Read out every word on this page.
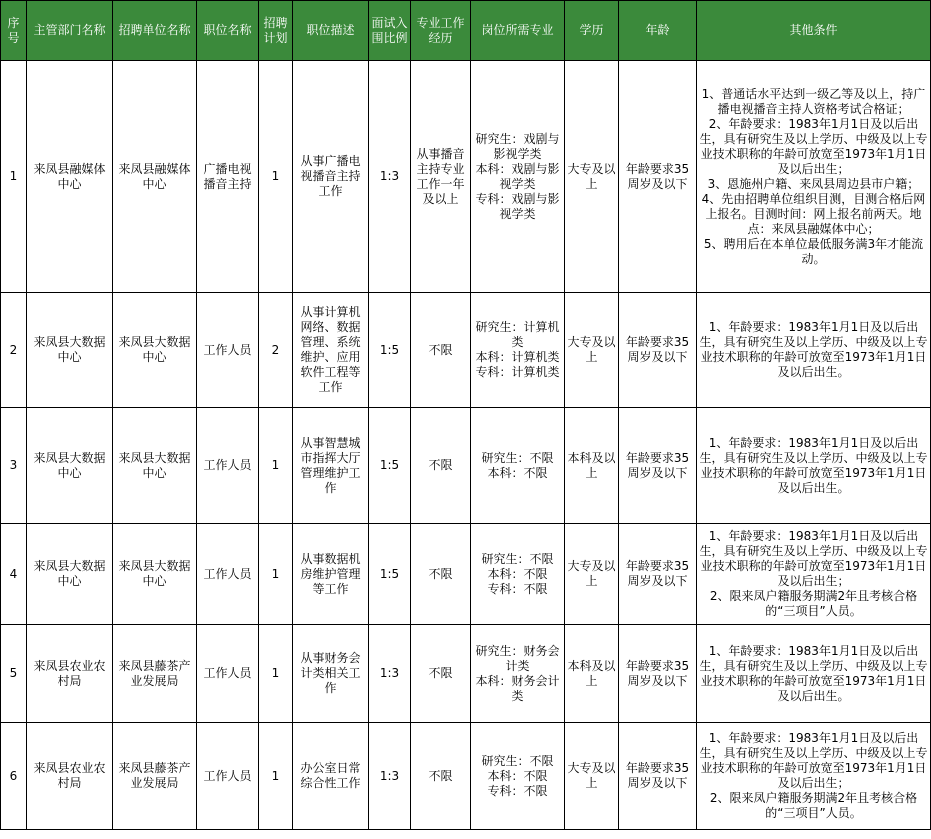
序号	主管部门名称	招聘单位名称	职位名称	招聘计划	职位描述	面试入围比例	专业工作经历	岗位所需专业	学历	年龄	其他条件
1	来凤县融媒体中心	来凤县融媒体中心	广播电视播音主持	1	从事广播电视播音主持工作	1:3	从事播音主持专业工作一年及以上	研究生：戏剧与影视学类
本科：戏剧与影视学类
专科：戏剧与影视学类	大专及以上	年龄要求35周岁及以下	1、普通话水平达到一级乙等及以上，持广播电视播音主持人资格考试合格证；
2、年龄要求：1983年1月1日及以后出生，具有研究生及以上学历、中级及以上专业技术职称的年龄可放宽至1973年1月1日及以后出生；
3、恩施州户籍、来凤县周边县市户籍；
4、先由招聘单位组织目测，目测合格后网上报名。目测时间：网上报名前两天。地点：来凤县融媒体中心；
5、聘用后在本单位最低服务满3年才能流动。

2	来凤县大数据中心	来凤县大数据中心	工作人员	2	从事计算机网络、数据管理、系统维护、应用软件工程等工作	1:5	不限	研究生：计算机类
本科：计算机类
专科：计算机类	大专及以上	年龄要求35周岁及以下	1、年龄要求：1983年1月1日及以后出生，具有研究生及以上学历、中级及以上专业技术职称的年龄可放宽至1973年1月1日及以后出生。

3	来凤县大数据中心	来凤县大数据中心	工作人员	1	从事智慧城市指挥大厅管理维护工作	1:5	不限	研究生：不限
本科：不限	本科及以上	年龄要求35周岁及以下	1、年龄要求：1983年1月1日及以后出生，具有研究生及以上学历、中级及以上专业技术职称的年龄可放宽至1973年1月1日及以后出生。

4	来凤县大数据中心	来凤县大数据中心	工作人员	1	从事数据机房维护管理等工作	1:5	不限	研究生：不限
本科：不限
专科：不限	大专及以上	年龄要求35周岁及以下	1、年龄要求：1983年1月1日及以后出生，具有研究生及以上学历、中级及以上专业技术职称的年龄可放宽至1973年1月1日及以后出生；
2、限来凤户籍服务期满2年且考核合格的“三项目”人员。

5	来凤县农业农村局	来凤县藤茶产业发展局	工作人员	1	从事财务会计类相关工作	1:3	不限	研究生：财务会计类
本科：财务会计类	本科及以上	年龄要求35周岁及以下	1、年龄要求：1983年1月1日及以后出生，具有研究生及以上学历、中级及以上专业技术职称的年龄可放宽至1973年1月1日及以后出生。

6	来凤县农业农村局	来凤县藤茶产业发展局	工作人员	1	办公室日常综合性工作	1:3	不限	研究生：不限
本科：不限
专科：不限	大专及以上	年龄要求35周岁及以下	1、年龄要求：1983年1月1日及以后出生，具有研究生及以上学历、中级及以上专业技术职称的年龄可放宽至1973年1月1日及以后出生；
2、限来凤户籍服务期满2年且考核合格的“三项目”人员。
